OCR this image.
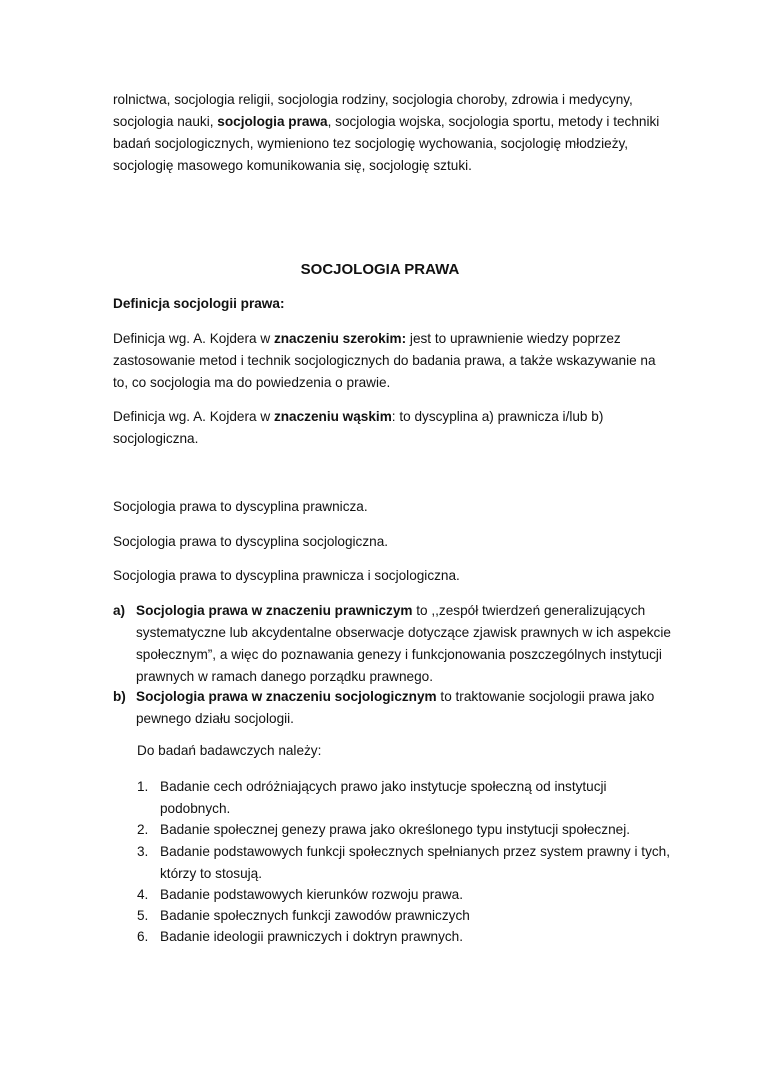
rolnictwa, socjologia religii, socjologia rodziny, socjologia choroby, zdrowia i medycyny, socjologia nauki, socjologia prawa, socjologia wojska, socjologia sportu, metody i techniki badań socjologicznych, wymieniono tez socjologię wychowania, socjologię młodzieży, socjologię masowego komunikowania się, socjologię sztuki.

SOCJOLOGIA PRAWA

Definicja socjologii prawa:

Definicja wg. A. Kojdera w znaczeniu szerokim: jest to uprawnienie wiedzy poprzez zastosowanie metod i technik socjologicznych do badania prawa, a także wskazywanie na to, co socjologia ma do powiedzenia o prawie.

Definicja wg. A. Kojdera w znaczeniu wąskim: to dyscyplina a) prawnicza i/lub b) socjologiczna.

Socjologia prawa to dyscyplina prawnicza.

Socjologia prawa to dyscyplina socjologiczna.

Socjologia prawa to dyscyplina prawnicza i socjologiczna.

a) Socjologia prawa w znaczeniu prawniczym to ,,zespół twierdzeń generalizujących systematyczne lub akcydentalne obserwacje dotyczące zjawisk prawnych w ich aspekcie społecznym”, a więc do poznawania genezy i funkcjonowania poszczególnych instytucji prawnych w ramach danego porządku prawnego.
b) Socjologia prawa w znaczeniu socjologicznym to traktowanie socjologii prawa jako pewnego działu socjologii.

Do badań badawczych należy:

1. Badanie cech odróżniających prawo jako instytucje społeczną od instytucji podobnych.
2. Badanie społecznej genezy prawa jako określonego typu instytucji społecznej.
3. Badanie podstawowych funkcji społecznych spełnianych przez system prawny i tych, którzy to stosują.
4. Badanie podstawowych kierunków rozwoju prawa.
5. Badanie społecznych funkcji zawodów prawniczych
6. Badanie ideologii prawniczych i doktryn prawnych.
